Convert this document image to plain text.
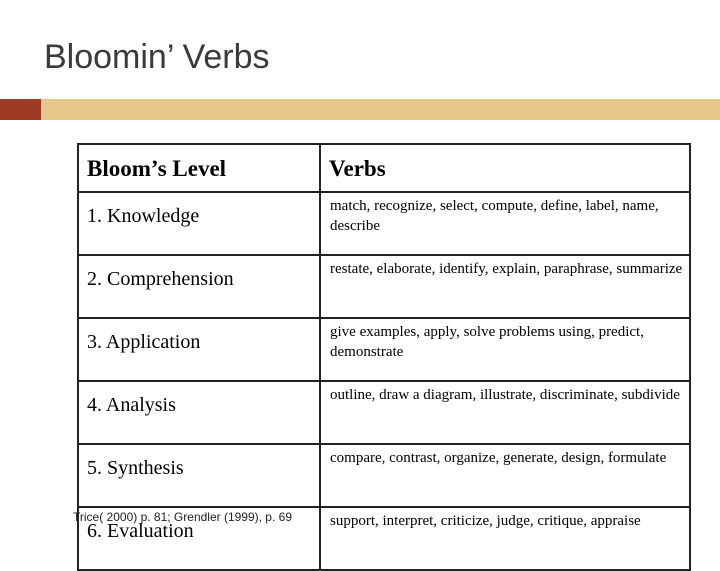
Bloomin’ Verbs
Bloom’s Level	Verbs
1. Knowledge	match, recognize, select, compute, define, label, name, describe
2. Comprehension	restate, elaborate, identify, explain, paraphrase, summarize
3. Application	give examples, apply, solve problems using, predict, demonstrate
4. Analysis	outline, draw a diagram, illustrate, discriminate, subdivide
5. Synthesis	compare, contrast, organize, generate, design, formulate
6. Evaluation	support, interpret, criticize, judge, critique, appraise
Trice( 2000) p. 81; Grendler (1999), p. 69
